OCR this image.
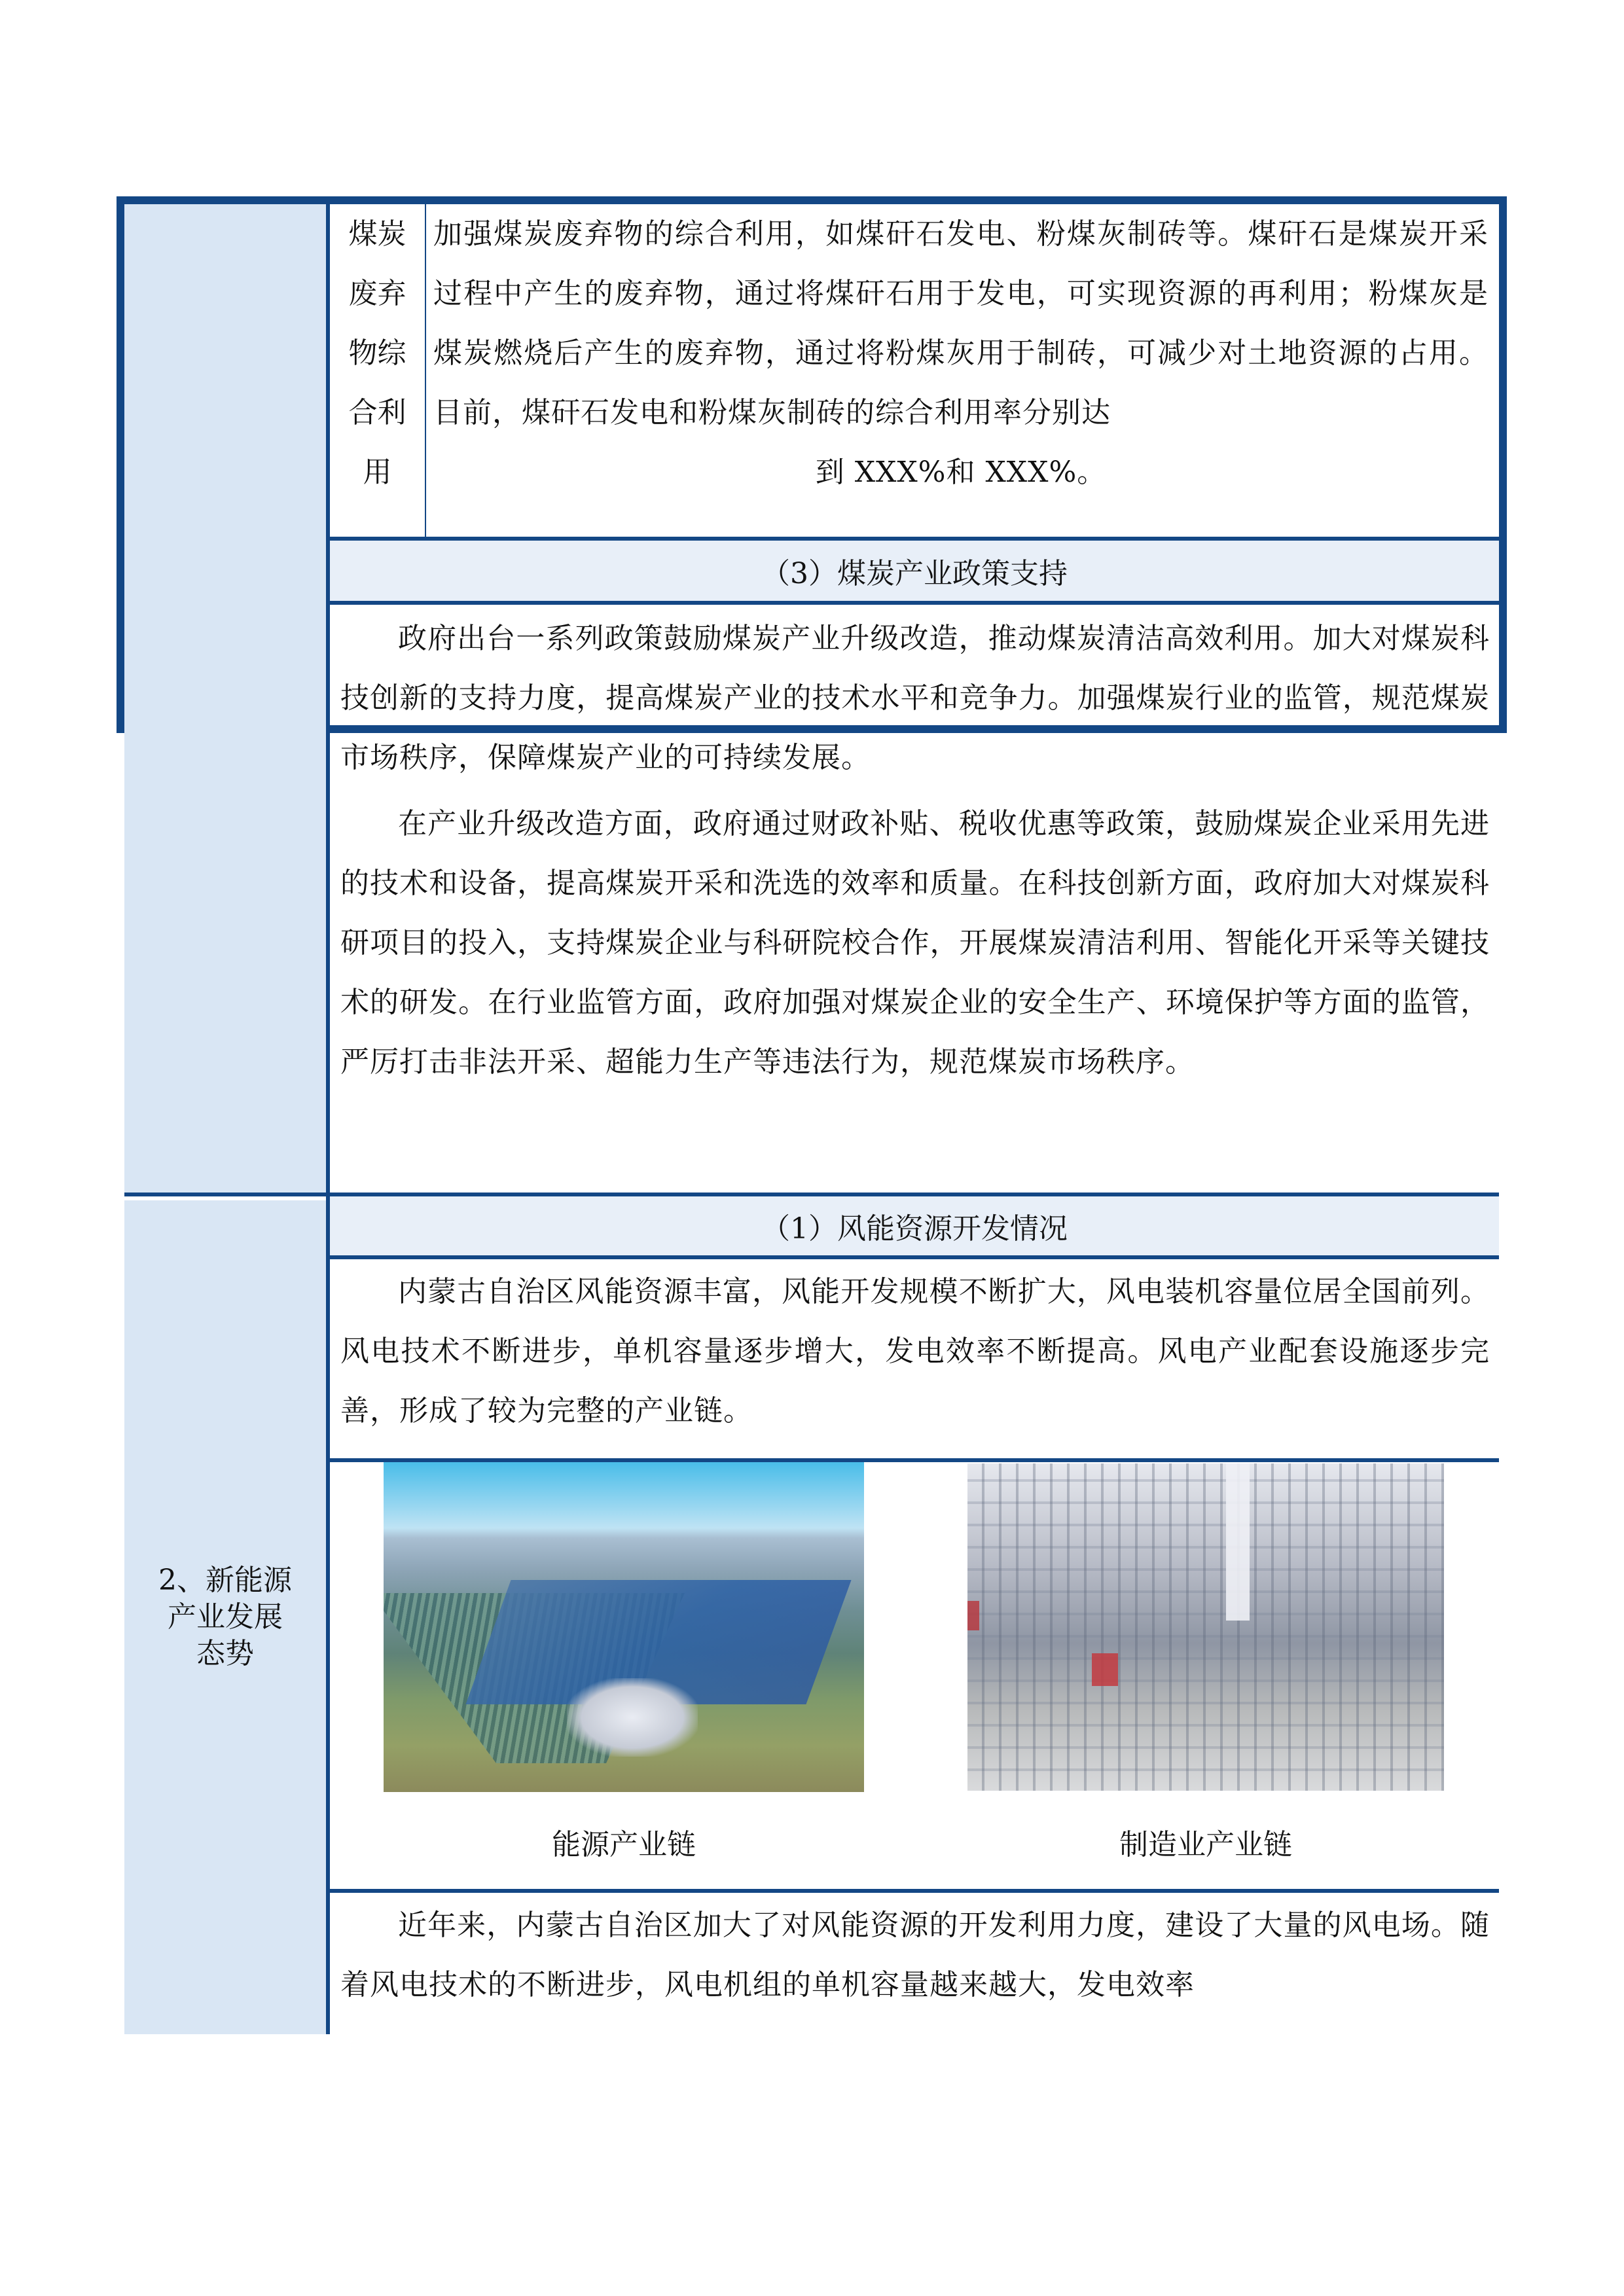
2、新能源
产业发展
态势
煤炭
废弃
物综
合利
用

加强煤炭废弃物的综合利用，如煤矸石发电、粉煤灰制砖等。煤矸石是煤炭开采过程中产生的废弃物，通过将煤矸石用于发电，可实现资源的再利用；粉煤灰是煤炭燃烧后产生的废弃物，通过将粉煤灰用于制砖，可减少对土地资源的占用。目前，煤矸石发电和粉煤灰制砖的综合利用率分别达

到 XXX%和 XXX%。

（3）煤炭产业政策支持

政府出台一系列政策鼓励煤炭产业升级改造，推动煤炭清洁高效利用。加大对煤炭科技创新的支持力度，提高煤炭产业的技术水平和竞争力。加强煤炭行业的监管，规范煤炭市场秩序，保障煤炭产业的可持续发展。

在产业升级改造方面，政府通过财政补贴、税收优惠等政策，鼓励煤炭企业采用先进的技术和设备，提高煤炭开采和洗选的效率和质量。在科技创新方面，政府加大对煤炭科研项目的投入，支持煤炭企业与科研院校合作，开展煤炭清洁利用、智能化开采等关键技术的研发。在行业监管方面，政府加强对煤炭企业的安全生产、环境保护等方面的监管，严厉打击非法开采、超能力生产等违法行为，规范煤炭市场秩序。

（1）风能资源开发情况

内蒙古自治区风能资源丰富，风能开发规模不断扩大，风电装机容量位居全国前列。风电技术不断进步，单机容量逐步增大，发电效率不断提高。风电产业配套设施逐步完善，形成了较为完整的产业链。

能源产业链	制造业产业链

近年来，内蒙古自治区加大了对风能资源的开发利用力度，建设了大量的风电场。随着风电技术的不断进步，风电机组的单机容量越来越大，发电效率
